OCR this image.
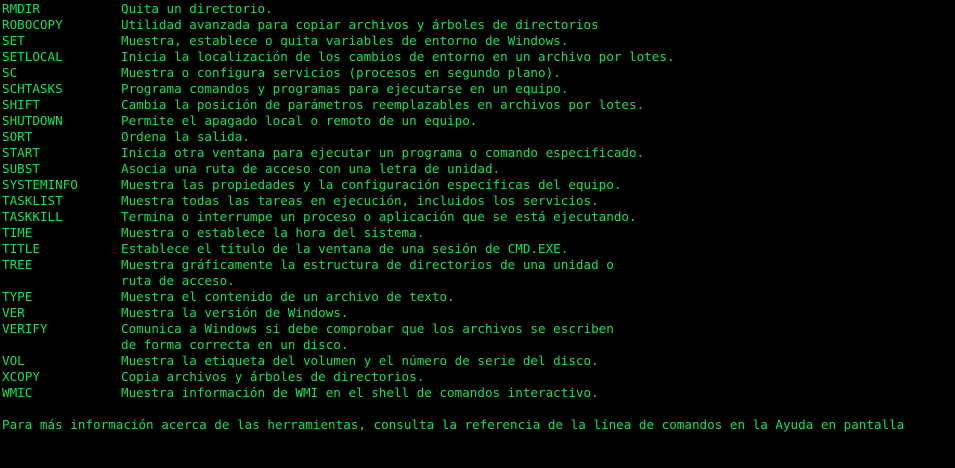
RMDIR	Quita un directorio.
ROBOCOPY	Utilidad avanzada para copiar archivos y árboles de directorios
SET	Muestra, establece o quita variables de entorno de Windows.
SETLOCAL	Inicia la localización de los cambios de entorno en un archivo por lotes.
SC	Muestra o configura servicios (procesos en segundo plano).
SCHTASKS	Programa comandos y programas para ejecutarse en un equipo.
SHIFT	Cambia la posición de parámetros reemplazables en archivos por lotes.
SHUTDOWN	Permite el apagado local o remoto de un equipo.
SORT	Ordena la salida.
START	Inicia otra ventana para ejecutar un programa o comando especificado.
SUBST	Asocia una ruta de acceso con una letra de unidad.
SYSTEMINFO	Muestra las propiedades y la configuración específicas del equipo.
TASKLIST	Muestra todas las tareas en ejecución, incluidos los servicios.
TASKKILL	Termina o interrumpe un proceso o aplicación que se está ejecutando.
TIME	Muestra o establece la hora del sistema.
TITLE	Establece el título de la ventana de una sesión de CMD.EXE.
TREE	Muestra gráficamente la estructura de directorios de una unidad o
ruta de acceso.
TYPE	Muestra el contenido de un archivo de texto.
VER	Muestra la versión de Windows.
VERIFY	Comunica a Windows si debe comprobar que los archivos se escriben
de forma correcta en un disco.
VOL	Muestra la etiqueta del volumen y el número de serie del disco.
XCOPY	Copia archivos y árboles de directorios.
WMIC	Muestra información de WMI en el shell de comandos interactivo.
Para más información acerca de las herramientas, consulta la referencia de la línea de comandos en la Ayuda en pantalla
